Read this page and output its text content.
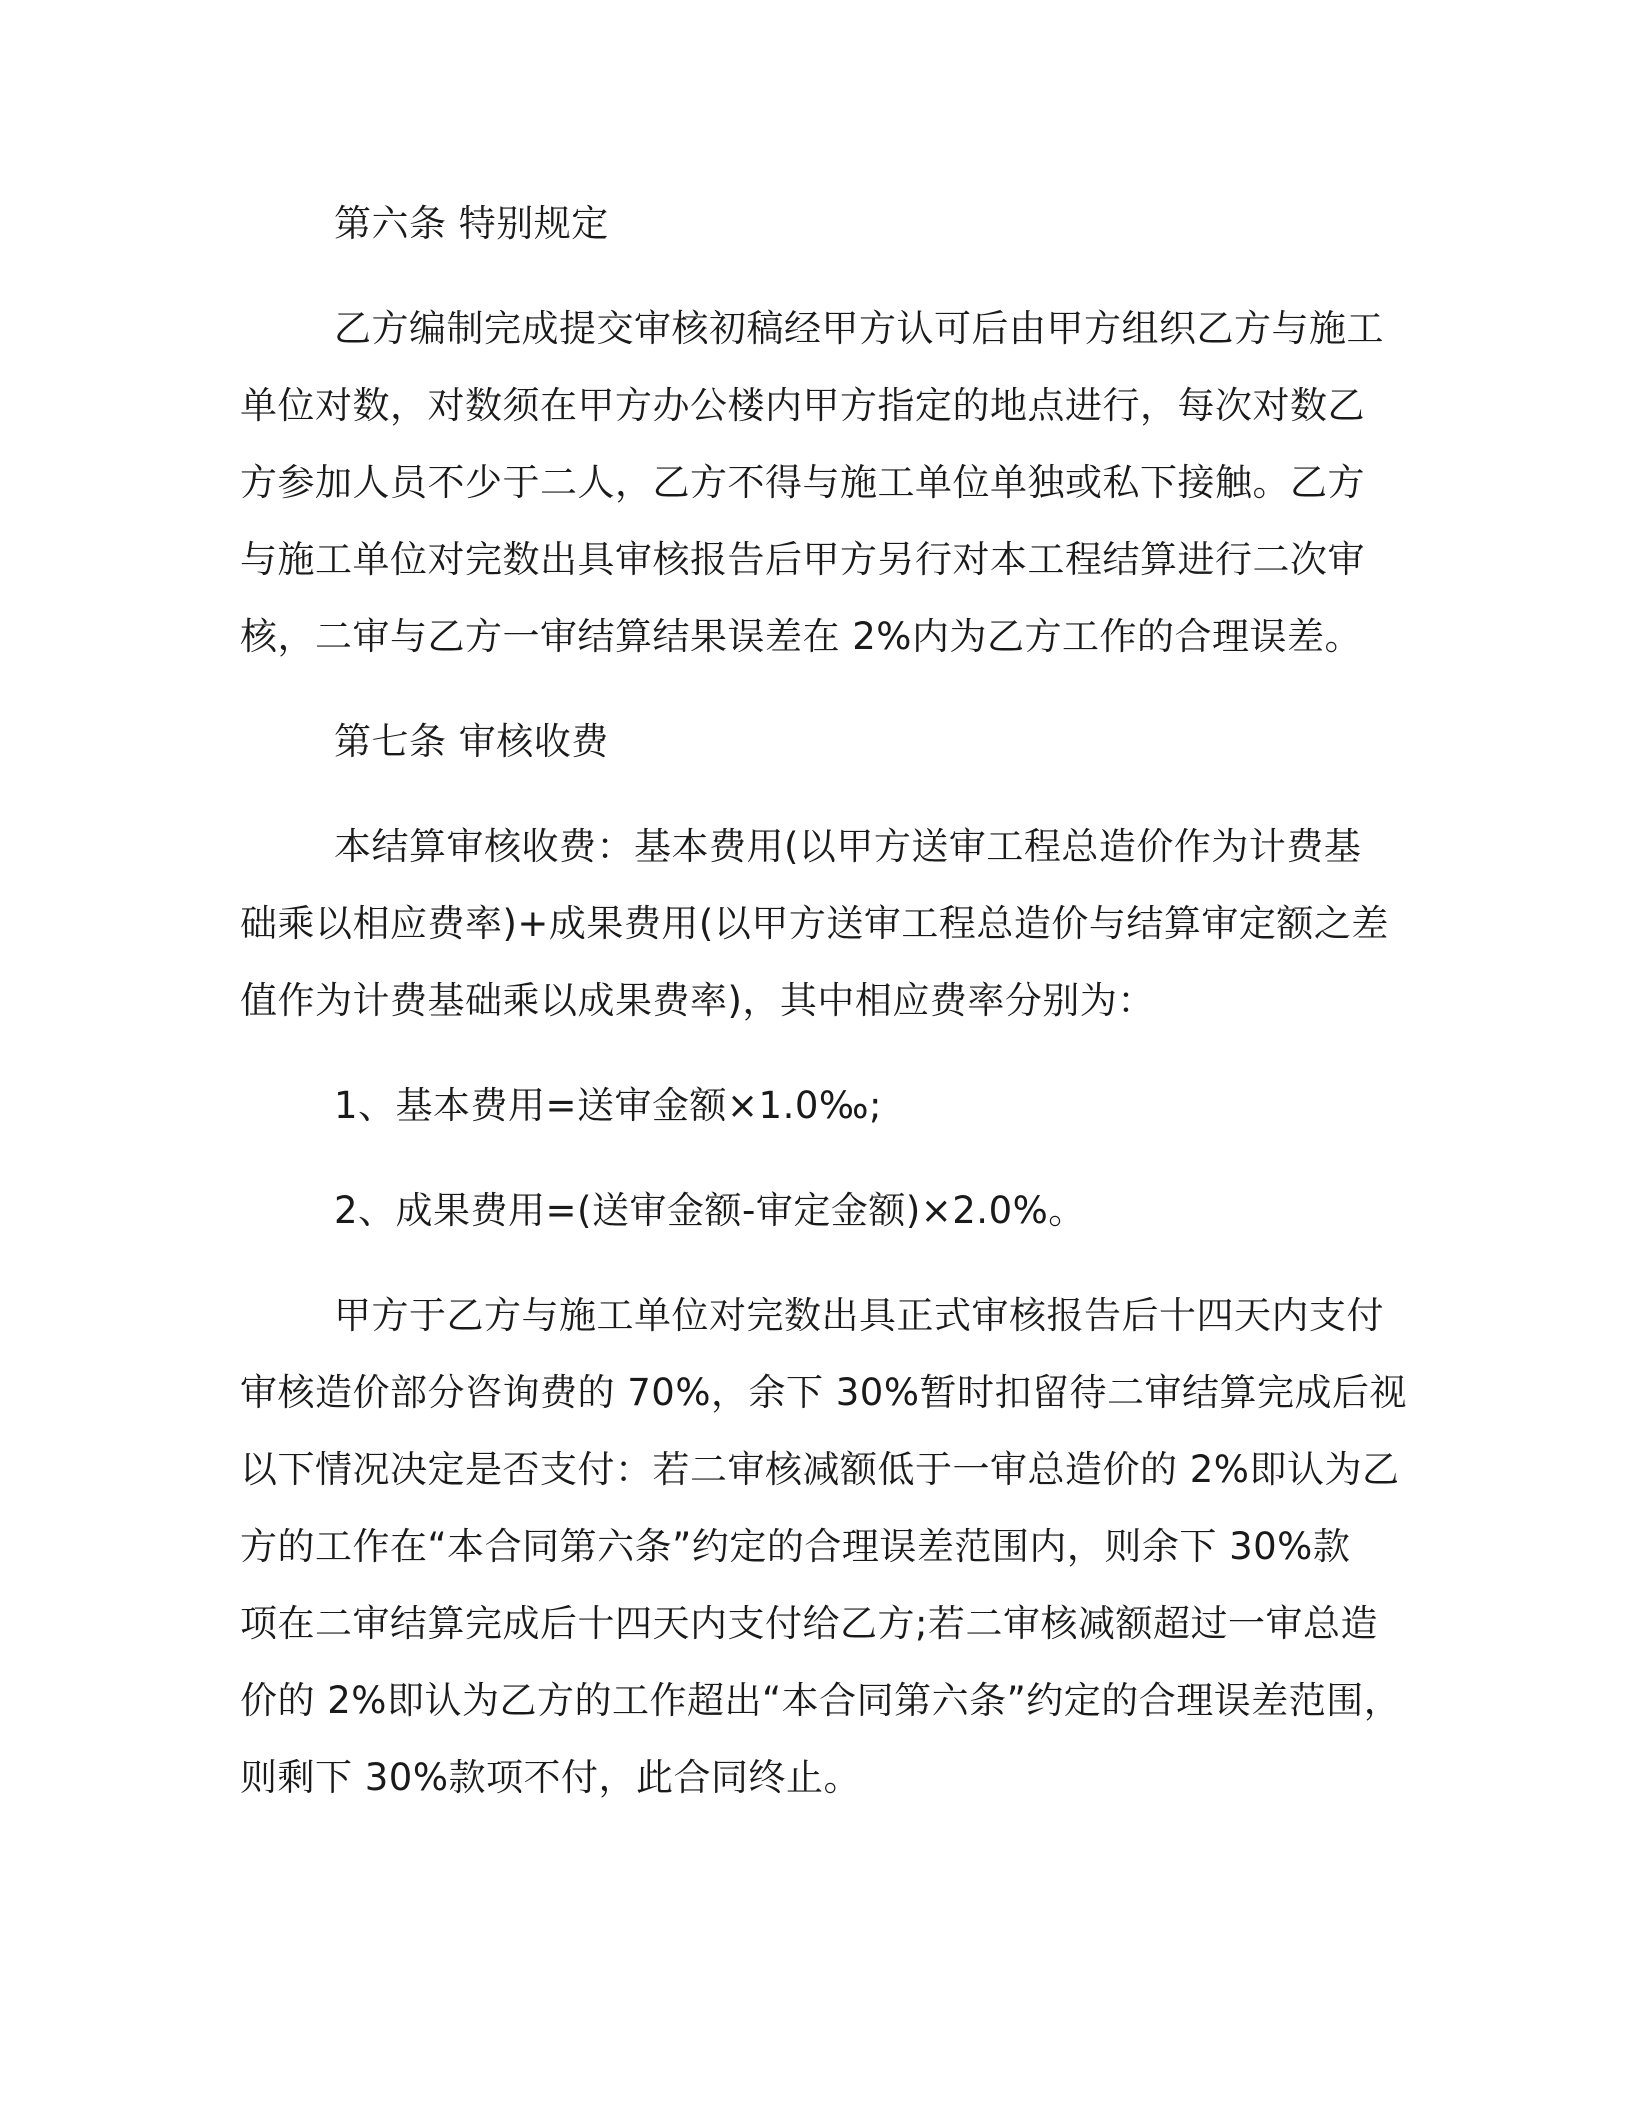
第六条 特别规定
乙方编制完成提交审核初稿经甲方认可后由甲方组织乙方与施工
单位对数，对数须在甲方办公楼内甲方指定的地点进行，每次对数乙
方参加人员不少于二人，乙方不得与施工单位单独或私下接触。乙方
与施工单位对完数出具审核报告后甲方另行对本工程结算进行二次审
核，二审与乙方一审结算结果误差在 2%内为乙方工作的合理误差。
第七条 审核收费
本结算审核收费：基本费用(以甲方送审工程总造价作为计费基
础乘以相应费率)+成果费用(以甲方送审工程总造价与结算审定额之差
值作为计费基础乘以成果费率)，其中相应费率分别为：
1、基本费用=送审金额×1.0‰;
2、成果费用=(送审金额-审定金额)×2.0%。
甲方于乙方与施工单位对完数出具正式审核报告后十四天内支付
审核造价部分咨询费的 70%，余下 30%暂时扣留待二审结算完成后视
以下情况决定是否支付：若二审核减额低于一审总造价的 2%即认为乙
方的工作在“本合同第六条”约定的合理误差范围内，则余下 30%款
项在二审结算完成后十四天内支付给乙方;若二审核减额超过一审总造
价的 2%即认为乙方的工作超出“本合同第六条”约定的合理误差范围，
则剩下 30%款项不付，此合同终止。
